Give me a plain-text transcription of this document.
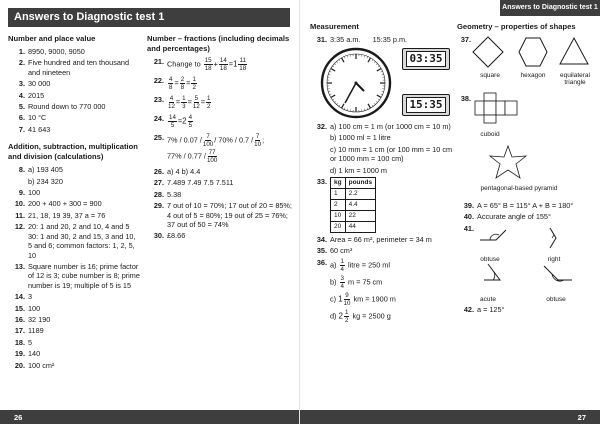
Answers to Diagnostic test 1
Number and place value
1. 8950, 9000, 9050
2. Five hundred and ten thousand and nineteen
3. 30 000
4. 2015
5. Round down to 770 000
6. 10 °C
7. 41 643
Addition, subtraction, multiplication and division (calculations)
8. a) 193 405
b) 234 320
9. 100
10. 200 + 400 + 300 = 900
11. 21, 18, 19 39, 37 a = 76
12. 20: 1 and 20, 2 and 10, 4 and 5 30: 1 and 30, 2 and 15, 3 and 10, 5 and 6; common factors: 1, 2, 5, 10
13. Square number is 16; prime factor of 12 is 3; cube number is 8; prime number is 19; multiple of 5 is 15
14. 3
15. 100
16. 32 190
17. 1189
18. 5
19. 140
20. 100 cm²
Number – fractions (including decimals and percentages)
21. Change to $\frac{15}{18} + \frac{14}{18} =1 \frac{11}{18}$
22. $\frac{4}{8} = \frac{2}{8} = \frac{1}{2}$
23. $\frac{4}{12} = \frac{1}{3} = \frac{5}{12} = \frac{1}{2}$
24. $\frac{14}{5} =2 \frac{4}{5}$
25. $7\% / 0.07 / \frac{7}{100} / 70\% / 0.7 / \frac{7}{10}$ ;
$77\% / 0.77 / \frac{77}{100}$
26. a) 4 b) 4.4
27. 7.489 7.49 7.5 7.511
28. 5.38
29. 7 out of 10 = 70%; 17 out of 20 = 85%; 4 out of 5 = 80%; 19 out of 25 = 76%; 37 out of 50 = 74%
30. £8.66
26
Measurement
31. 3:35 a.m. 15:35 p.m.
03:35
15:35
32. a) 100 cm = 1 m (or 1000 cm = 10 m)
b) 1000 ml = 1 litre
c) 10 mm = 1 cm (or 100 mm = 10 cm or 1000 mm = 100 cm)
d) 1 km = 1000 m
33.	kg	pounds
1	2.2
2	4.4
10	22
20	44
34. Area = 66 m², perimeter = 34 m
35. 60 cm³
36. $a) \frac{1}{4}$ litre = 250 ml
$b) \frac{3}{4}$ m = 75 cm
c) $1 \frac{9}{10}$ km = 1900 m
d) $2 \frac{1}{2}$ kg = 2500 g
Answers to Diagnostic test 1
Geometry – properties of shapes
37.
square	hexagon	equilateral triangle
38.
cuboid
pentagonal-based pyramid
39. A = 65° B = 115° A + B = 180°
40. Accurate angle of 155°
41.
obtuse	right
acute	obtuse
42. a = 125°
27
